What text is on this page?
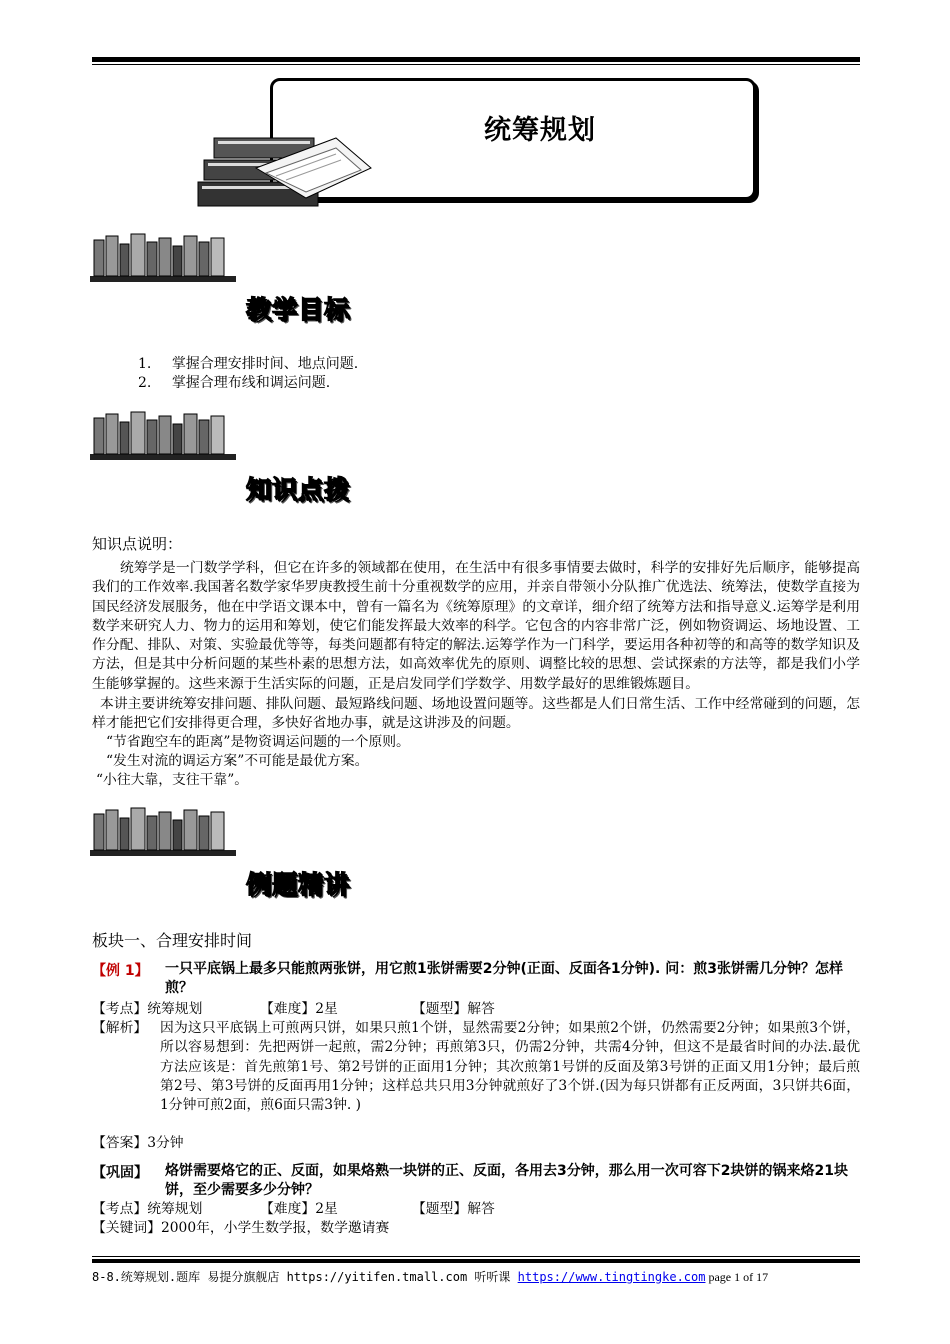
统筹规划
教学目标
1. 掌握合理安排时间、地点问题.
2. 掌握合理布线和调运问题.
知识点拨
知识点说明：
统筹学是一门数学学科，但它在许多的领域都在使用，在生活中有很多事情要去做时，科学的安排好先后顺序，能够提高我们的工作效率.我国著名数学家华罗庚教授生前十分重视数学的应用，并亲自带领小分队推广优选法、统筹法，使数学直接为国民经济发展服务，他在中学语文课本中，曾有一篇名为《统筹原理》的文章详，细介绍了统筹方法和指导意义.运筹学是利用数学来研究人力、物力的运用和筹划，使它们能发挥最大效率的科学。它包含的内容非常广泛，例如物资调运、场地设置、工作分配、排队、对策、实验最优等等，每类问题都有特定的解法.运筹学作为一门科学，要运用各种初等的和高等的数学知识及方法，但是其中分析问题的某些朴素的思想方法，如高效率优先的原则、调整比较的思想、尝试探索的方法等，都是我们小学生能够掌握的。这些来源于生活实际的问题，正是启发同学们学数学、用数学最好的思维锻炼题目。
本讲主要讲统筹安排问题、排队问题、最短路线问题、场地设置问题等。这些都是人们日常生活、工作中经常碰到的问题，怎样才能把它们安排得更合理，多快好省地办事，就是这讲涉及的问题。
“节省跑空车的距离”是物资调运问题的一个原则。
“发生对流的调运方案”不可能是最优方案。
“小往大靠，支往干靠”。
例题精讲
板块一、合理安排时间
【例 1】 一只平底锅上最多只能煎两张饼，用它煎1张饼需要2分钟(正面、反面各1分钟). 问：煎3张饼需几分钟？怎样煎？
【考点】统筹规划	【难度】2星	【题型】解答
【解析】 因为这只平底锅上可煎两只饼，如果只煎1个饼，显然需要2分钟；如果煎2个饼，仍然需要2分钟；如果煎3个饼，所以容易想到：先把两饼一起煎，需2分钟；再煎第3只，仍需2分钟，共需4分钟，但这不是最省时间的办法.最优方法应该是：首先煎第1号、第2号饼的正面用1分钟；其次煎第1号饼的反面及第3号饼的正面又用1分钟；最后煎第2号、第3号饼的反面再用1分钟；这样总共只用3分钟就煎好了3个饼.(因为每只饼都有正反两面，3只饼共6面，1分钟可煎2面，煎6面只需3钟. )
【答案】3分钟
【巩固】 烙饼需要烙它的正、反面，如果烙熟一块饼的正、反面，各用去3分钟，那么用一次可容下2块饼的锅来烙21块饼，至少需要多少分钟？
【考点】统筹规划	【难度】2星	【题型】解答
【关键词】2000年，小学生数学报，数学邀请赛
8-8.统筹规划.题库 易提分旗舰店 https://yitifen.tmall.com 听听课 https://www.tingtingke.com page 1 of 17
